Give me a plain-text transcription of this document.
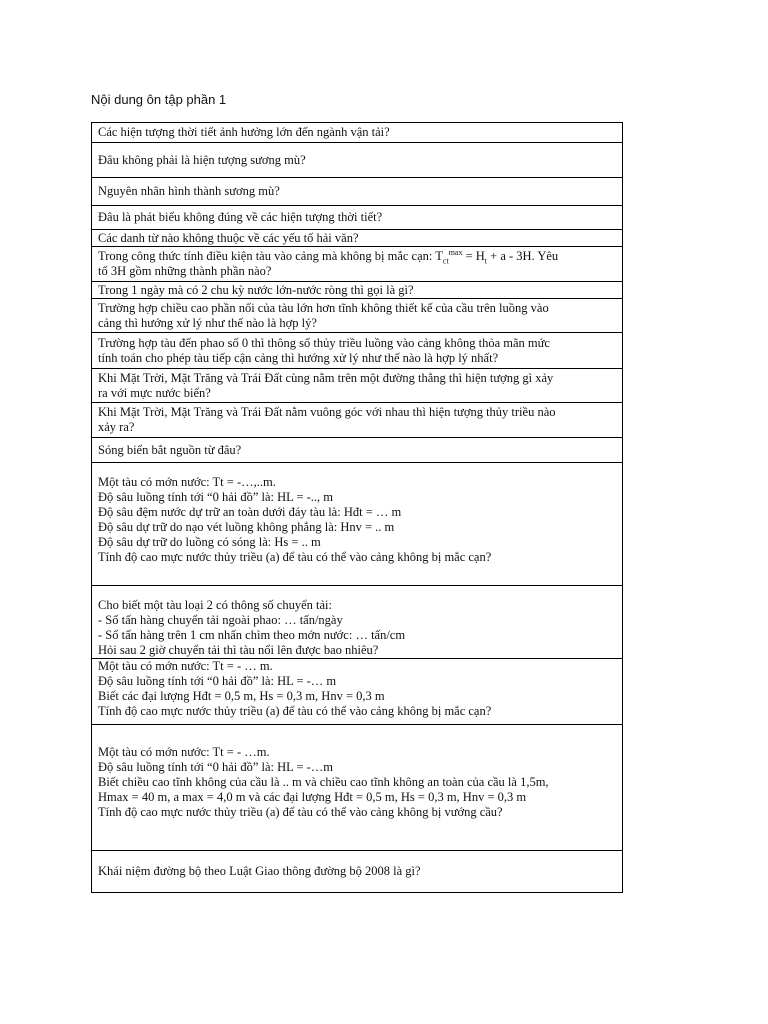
Nội dung ôn tập phần 1
Các hiện tượng thời tiết ảnh hưởng lớn đến ngành vận tải?

Đâu không phải là hiện tượng sương mù?

Nguyên nhân hình thành sương mù?

Đâu là phát biểu không đúng về các hiện tượng thời tiết?

Các danh từ nào không thuộc về các yếu tố hải văn?

Trong công thức tính điều kiện tàu vào cảng mà không bị mắc cạn: $T_{ct}^{max} = H_t + a - 3H$. Yêu
tố 3H gồm những thành phần nào?

Trong 1 ngày mà có 2 chu kỳ nước lớn-nước ròng thì gọi là gì?

Trường hợp chiều cao phần nổi của tàu lớn hơn tĩnh không thiết kế của cầu trên luồng vào
cảng thì hướng xử lý như thế nào là hợp lý?

Trường hợp tàu đến phao số 0 thì thông số thủy triều luồng vào cảng không thỏa mãn mức
tính toán cho phép tàu tiếp cận cảng thì hướng xử lý như thế nào là hợp lý nhất?

Khi Mặt Trời, Mặt Trăng và Trái Đất cùng nằm trên một đường thẳng thì hiện tượng gì xảy
ra với mực nước biển?

Khi Mặt Trời, Mặt Trăng và Trái Đất nằm vuông góc với nhau thì hiện tượng thủy triều nào
xảy ra?

Sóng biển bắt nguồn từ đâu?

Một tàu có mớn nước: Tt = -…,..m.
Độ sâu luồng tính tới “0 hải đồ” là: HL = -.., m
Độ sâu đệm nước dự trữ an toàn dưới đáy tàu là: Hđt = … m
Độ sâu dự trữ do nạo vét luồng không phẳng là: Hnv = .. m
Độ sâu dự trữ do luồng có sóng là: Hs = .. m
Tính độ cao mực nước thủy triều (a) để tàu có thể vào cảng không bị mắc cạn?

Cho biết một tàu loại 2 có thông số chuyển tải:
- Số tấn hàng chuyển tải ngoài phao: … tấn/ngày
- Số tấn hàng trên 1 cm nhấn chìm theo mớn nước: … tấn/cm
Hỏi sau 2 giờ chuyển tải thì tàu nổi lên được bao nhiêu?

Một tàu có mớn nước: Tt = - … m.
Độ sâu luồng tính tới “0 hải đồ” là: HL = -… m
Biết các đại lượng Hđt = 0,5 m, Hs = 0,3 m, Hnv = 0,3 m
Tính độ cao mực nước thủy triều (a) để tàu có thể vào cảng không bị mắc cạn?

Một tàu có mớn nước: Tt = - …m.
Độ sâu luồng tính tới “0 hải đồ” là: HL = -…m
Biết chiều cao tĩnh không của cầu là .. m và chiều cao tĩnh không an toàn của cầu là 1,5m,
Hmax = 40 m, a max = 4,0 m và các đại lượng Hđt = 0,5 m, Hs = 0,3 m, Hnv = 0,3 m
Tính độ cao mực nước thủy triều (a) để tàu có thể vào cảng không bị vướng cầu?

Khái niệm đường bộ theo Luật Giao thông đường bộ 2008 là gì?
